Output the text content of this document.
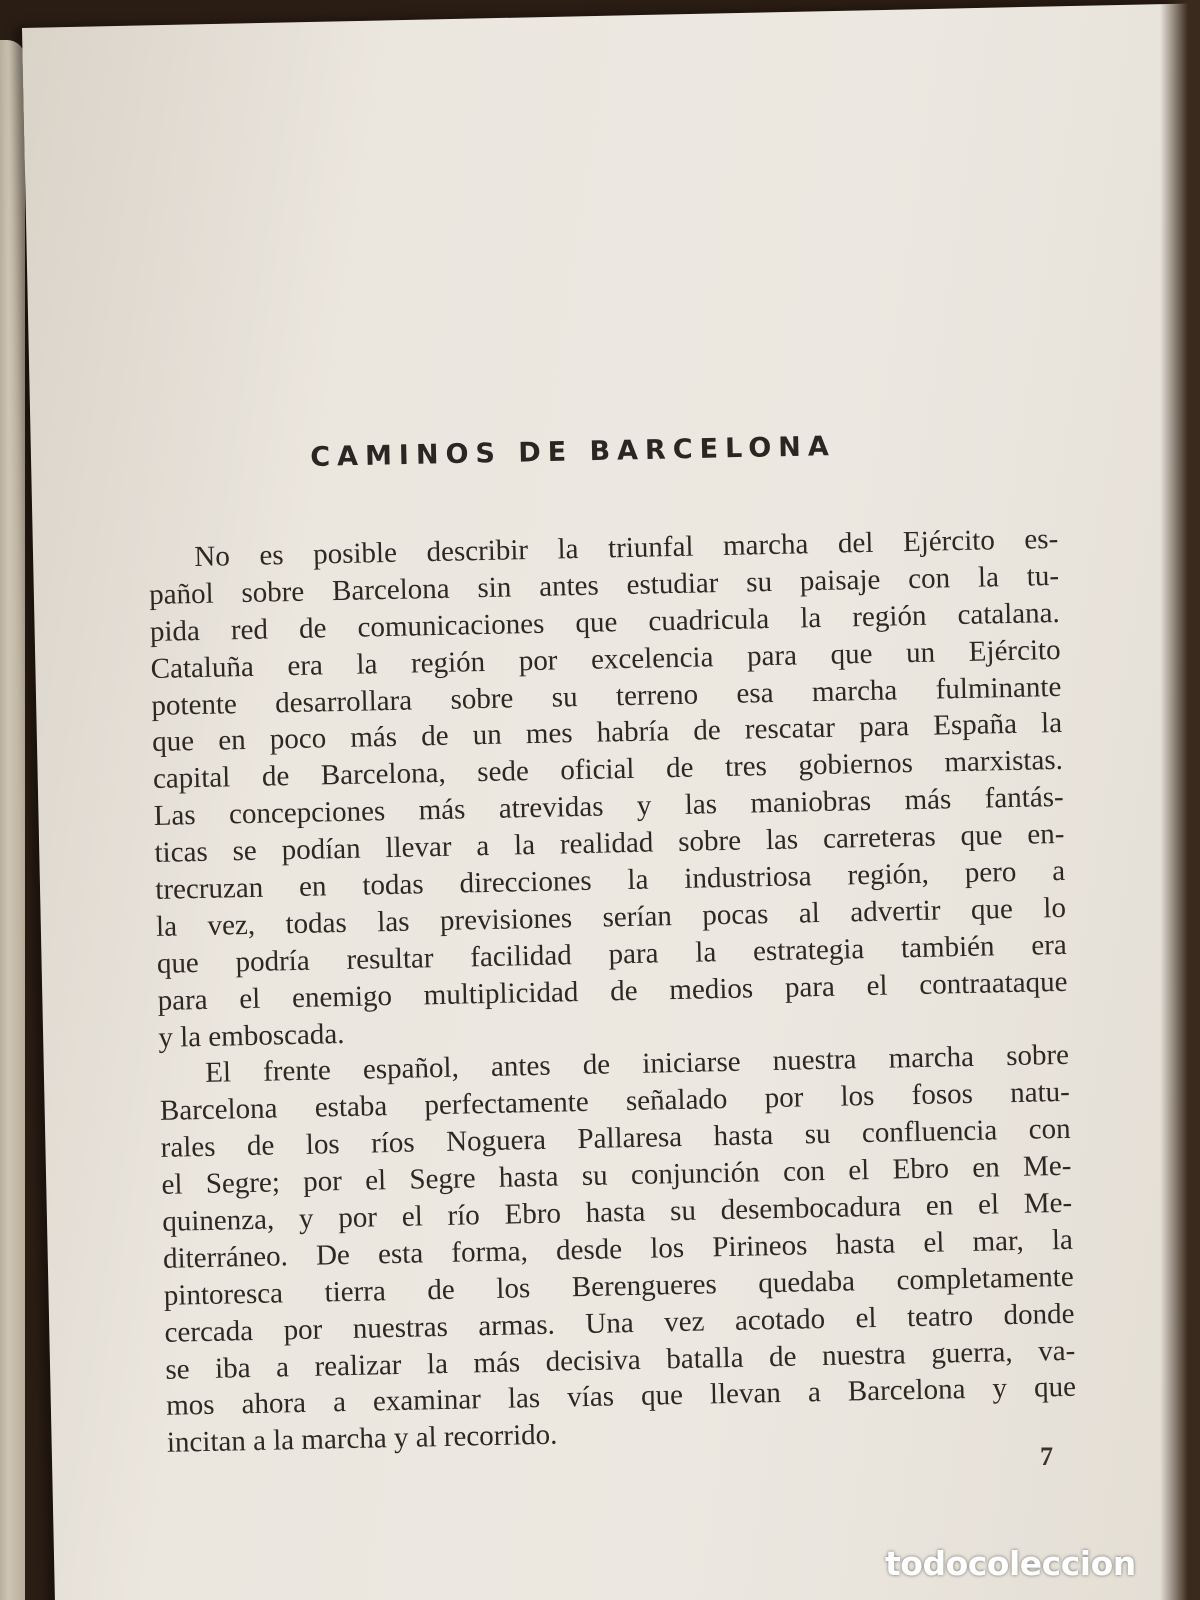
CAMINOS DE BARCELONA
No es posible describir la triunfal marcha del Ejército es-
pañol sobre Barcelona sin antes estudiar su paisaje con la tu-
pida red de comunicaciones que cuadricula la región catalana.
Cataluña era la región por excelencia para que un Ejército
potente desarrollara sobre su terreno esa marcha fulminante
que en poco más de un mes habría de rescatar para España la
capital de Barcelona, sede oficial de tres gobiernos marxistas.
Las concepciones más atrevidas y las maniobras más fantás-
ticas se podían llevar a la realidad sobre las carreteras que en-
trecruzan en todas direcciones la industriosa región, pero a
la vez, todas las previsiones serían pocas al advertir que lo
que podría resultar facilidad para la estrategia también era
para el enemigo multiplicidad de medios para el contraataque
y la emboscada.
El frente español, antes de iniciarse nuestra marcha sobre
Barcelona estaba perfectamente señalado por los fosos natu-
rales de los ríos Noguera Pallaresa hasta su confluencia con
el Segre; por el Segre hasta su conjunción con el Ebro en Me-
quinenza, y por el río Ebro hasta su desembocadura en el Me-
diterráneo. De esta forma, desde los Pirineos hasta el mar, la
pintoresca tierra de los Berengueres quedaba completamente
cercada por nuestras armas. Una vez acotado el teatro donde
se iba a realizar la más decisiva batalla de nuestra guerra, va-
mos ahora a examinar las vías que llevan a Barcelona y que
incitan a la marcha y al recorrido.	7
todocoleccion
